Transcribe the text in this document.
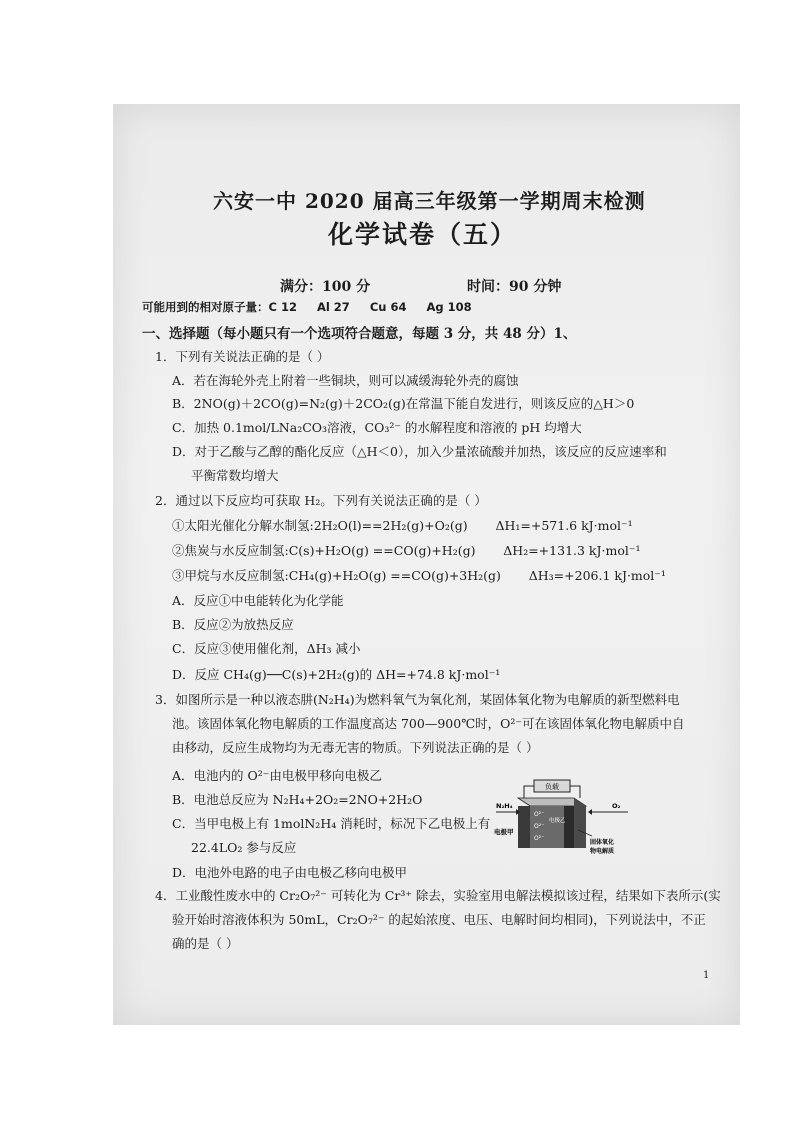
六安一中 2020 届高三年级第一学期周末检测
化学试卷（五）
满分：100 分	时间：90 分钟
可能用到的相对原子量：C 12     Al 27     Cu 64     Ag 108
一、选择题（每小题只有一个选项符合题意，每题 3 分，共 48 分）1、
1．下列有关说法正确的是（ ）
A．若在海轮外壳上附着一些铜块，则可以减缓海轮外壳的腐蚀
B．2NO(g)＋2CO(g)=N₂(g)＋2CO₂(g)在常温下能自发进行，则该反应的△H＞0
C．加热 0.1mol/LNa₂CO₃溶液，CO₃²⁻ 的水解程度和溶液的 pH 均增大
D．对于乙酸与乙醇的酯化反应（△H＜0），加入少量浓硫酸并加热，该反应的反应速率和
平衡常数均增大
2．通过以下反应均可获取 H₂。下列有关说法正确的是（ ）
①太阳光催化分解水制氢:2H₂O(l)==2H₂(g)+O₂(g)       ΔH₁=+571.6 kJ·mol⁻¹
②焦炭与水反应制氢:C(s)+H₂O(g) ==CO(g)+H₂(g)       ΔH₂=+131.3 kJ·mol⁻¹
③甲烷与水反应制氢:CH₄(g)+H₂O(g) ==CO(g)+3H₂(g)       ΔH₃=+206.1 kJ·mol⁻¹
A．反应①中电能转化为化学能
B．反应②为放热反应
C．反应③使用催化剂，ΔH₃ 减小
D．反应 CH₄(g)──C(s)+2H₂(g)的 ΔH=+74.8 kJ·mol⁻¹
3．如图所示是一种以液态肼(N₂H₄)为燃料氧气为氧化剂，某固体氧化物为电解质的新型燃料电
池。该固体氧化物电解质的工作温度高达 700—900℃时，O²⁻可在该固体氧化物电解质中自
由移动，反应生成物均为无毒无害的物质。下列说法正确的是（ ）
A．电池内的 O²⁻由电极甲移向电极乙
B．电池总反应为 N₂H₄+2O₂=2NO+2H₂O
C．当甲电极上有 1molN₂H₄ 消耗时，标况下乙电极上有
22.4LO₂ 参与反应
D．电池外电路的电子由电极乙移向电极甲
负载
O²⁻
O²⁻
O²⁻
电极乙
N₂H₄	O₂
电极甲
固体氧化
物电解质
4．工业酸性废水中的 Cr₂O₇²⁻ 可转化为 Cr³⁺ 除去，实验室用电解法模拟该过程，结果如下表所示(实
验开始时溶液体积为 50mL，Cr₂O₇²⁻ 的起始浓度、电压、电解时间均相同)，下列说法中，不正
确的是（ ）
1
